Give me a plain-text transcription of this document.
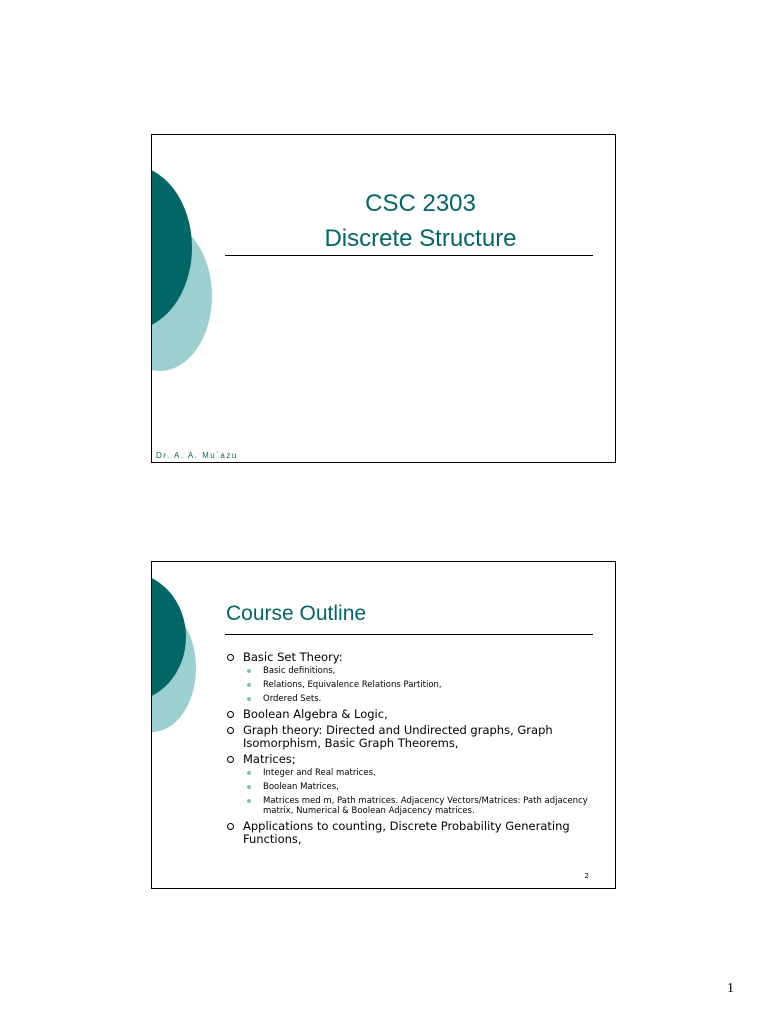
CSC 2303
Discrete Structure
Dr. A. A. Mu`azu
Course Outline
Basic Set Theory:
Basic definitions,
Relations, Equivalence Relations Partition,
Ordered Sets.
Boolean Algebra & Logic,
Graph theory: Directed and Undirected graphs, Graph Isomorphism, Basic Graph Theorems,
Matrices;
Integer and Real matrices,
Boolean Matrices,
Matrices med m, Path matrices. Adjacency Vectors/Matrices: Path adjacency matrix, Numerical & Boolean Adjacency matrices.
Applications to counting, Discrete Probability Generating Functions,
2
1
